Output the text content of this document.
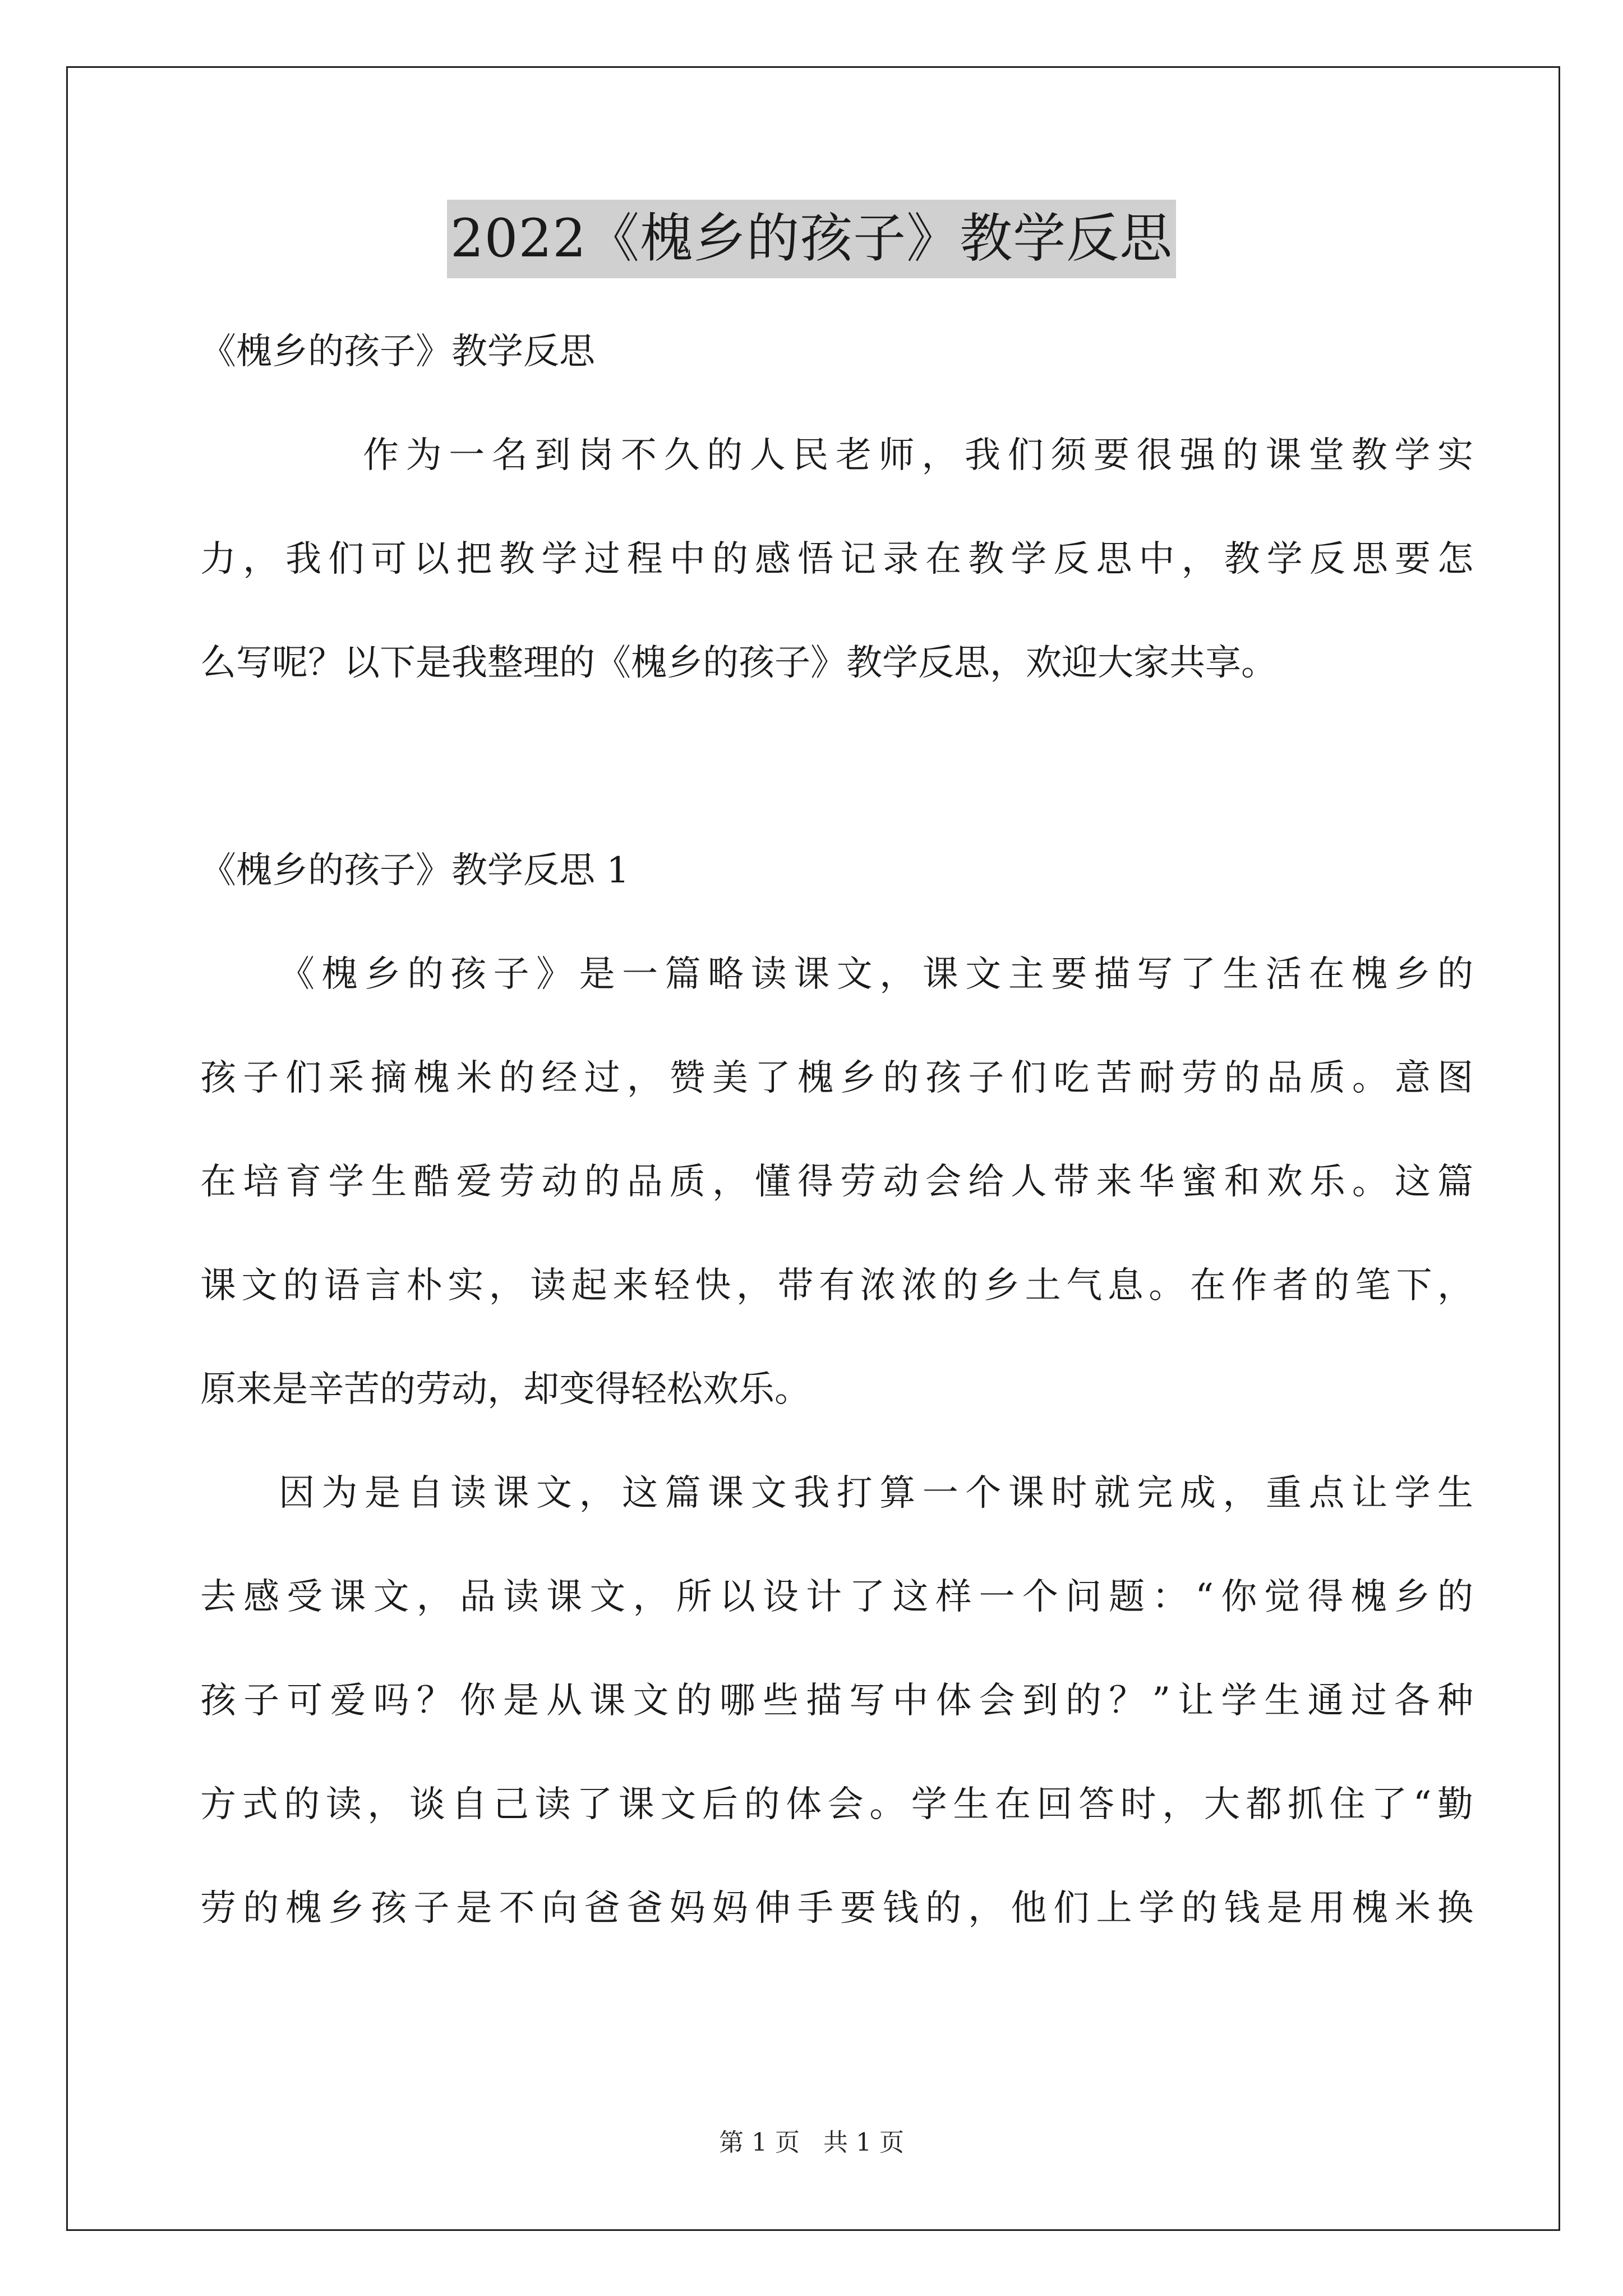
2022《槐乡的孩子》教学反思
《槐乡的孩子》教学反思
作为一名到岗不久的人民老师，我们须要很强的课堂教学实
力，我们可以把教学过程中的感悟记录在教学反思中，教学反思要怎
么写呢？以下是我整理的《槐乡的孩子》教学反思，欢迎大家共享。
《槐乡的孩子》教学反思 1
《槐乡的孩子》是一篇略读课文，课文主要描写了生活在槐乡的
孩子们采摘槐米的经过，赞美了槐乡的孩子们吃苦耐劳的品质。意图
在培育学生酷爱劳动的品质，懂得劳动会给人带来华蜜和欢乐。这篇
课文的语言朴实，读起来轻快，带有浓浓的乡土气息。在作者的笔下，
原来是辛苦的劳动，却变得轻松欢乐。
因为是自读课文，这篇课文我打算一个课时就完成，重点让学生
去感受课文，品读课文，所以设计了这样一个问题：“你觉得槐乡的
孩子可爱吗？你是从课文的哪些描写中体会到的？”让学生通过各种
方式的读，谈自己读了课文后的体会。学生在回答时，大都抓住了“勤
劳的槐乡孩子是不向爸爸妈妈伸手要钱的，他们上学的钱是用槐米换
第 1 页   共 1 页
